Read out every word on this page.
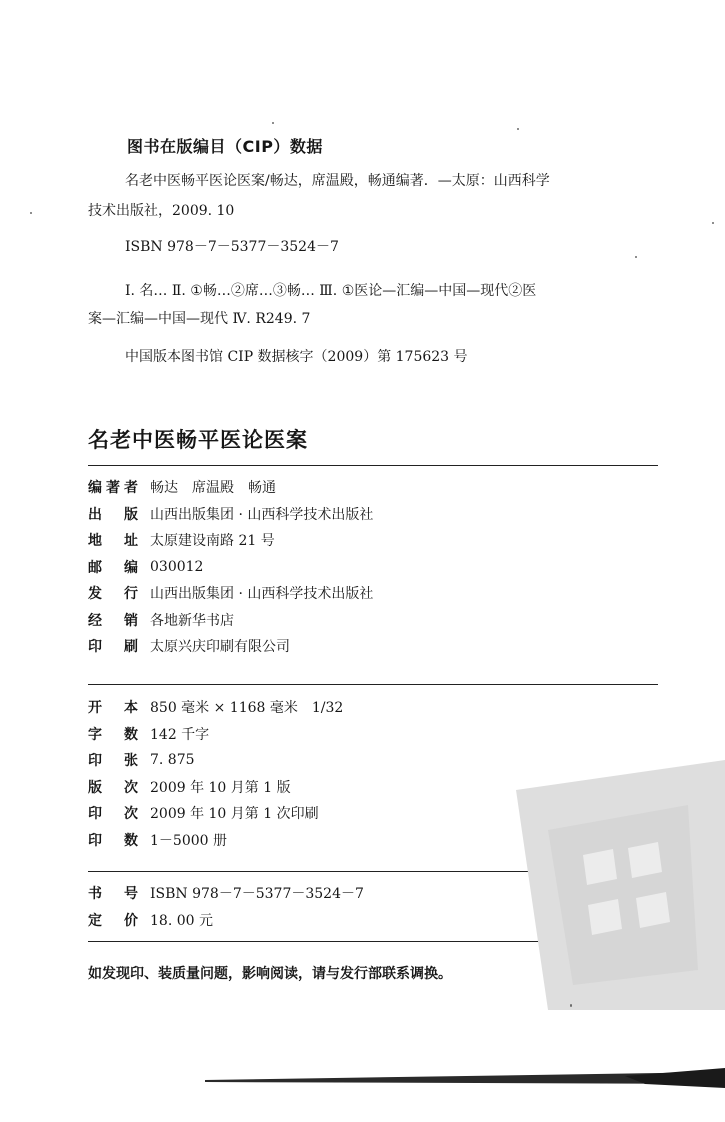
图书在版编目（CIP）数据

名老中医畅平医论医案/畅达，席温殿，畅通编著．—太原：山西科学

技术出版社，2009. 10

ISBN 978－7－5377－3524－7

Ⅰ. 名… Ⅱ. ①畅…②席…③畅… Ⅲ. ①医论—汇编—中国—现代②医

案—汇编—中国—现代 Ⅳ. R249. 7

中国版本图书馆 CIP 数据核字（2009）第 175623 号

名老中医畅平医论医案
编 著 者 畅达　席温殿　畅通
出 版 山西出版集团 · 山西科学技术出版社
地 址 太原建设南路 21 号
邮 编 030012
发 行 山西出版集团 · 山西科学技术出版社
经 销 各地新华书店
印 刷 太原兴庆印刷有限公司
开 本 850 毫米 × 1168 毫米　1/32
字 数 142 千字
印 张 7. 875
版 次 2009 年 10 月第 1 版
印 次 2009 年 10 月第 1 次印刷
印 数 1－5000 册
书 号 ISBN 978－7－5377－3524－7
定 价 18. 00 元
如发现印、装质量问题，影响阅读，请与发行部联系调换。
